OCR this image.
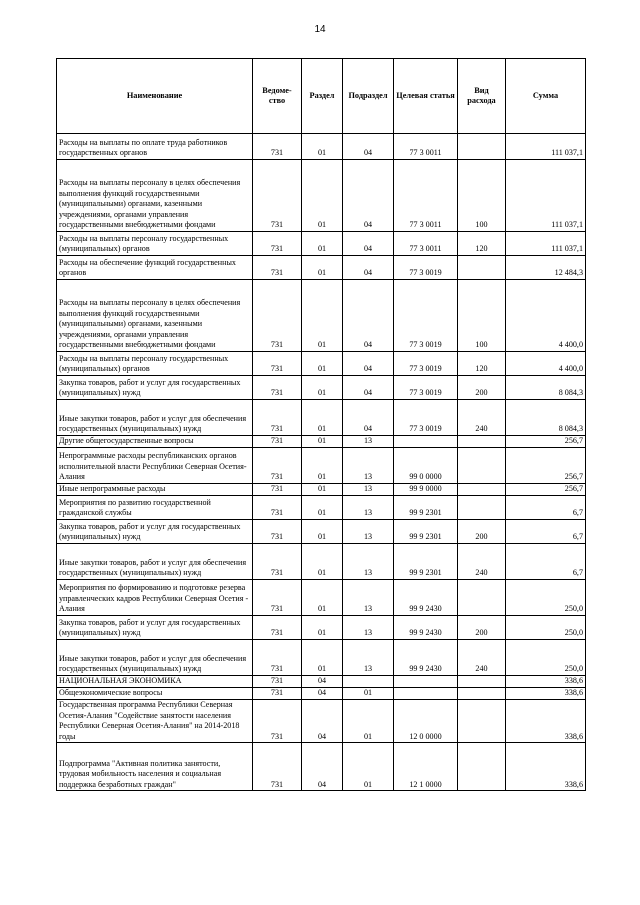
14
Наименование	Ведоме-ство	Раздел	Подраздел	Целевая статья	Вид расхода	Сумма
Расходы на выплаты по оплате труда работников государственных органов	731	01	04	77 3 0011		111 037,1
Расходы на выплаты персоналу в целях обеспечения выполнения функций государственными (муниципальными) органами, казенными учреждениями, органами управления государственными внебюджетными фондами	731	01	04	77 3 0011	100	111 037,1
Расходы на выплаты персоналу государственных (муниципальных) органов	731	01	04	77 3 0011	120	111 037,1
Расходы на обеспечение функций государственных органов	731	01	04	77 3 0019		12 484,3
Расходы на выплаты персоналу в целях обеспечения выполнения функций государственными (муниципальными) органами, казенными учреждениями, органами управления государственными внебюджетными фондами	731	01	04	77 3 0019	100	4 400,0
Расходы на выплаты персоналу государственных (муниципальных) органов	731	01	04	77 3 0019	120	4 400,0
Закупка товаров, работ и услуг для государственных (муниципальных) нужд	731	01	04	77 3 0019	200	8 084,3
Иные закупки товаров, работ и услуг для обеспечения государственных (муниципальных) нужд	731	01	04	77 3 0019	240	8 084,3
Другие общегосударственные вопросы	731	01	13			256,7
Непрограммные расходы республиканских органов исполнительной власти Республики Северная Осетия-Алания	731	01	13	99 0 0000		256,7
Иные непрограммные расходы	731	01	13	99 9 0000		256,7
Мероприятия по развитию государственной гражданской службы	731	01	13	99 9 2301		6,7
Закупка товаров, работ и услуг для государственных (муниципальных) нужд	731	01	13	99 9 2301	200	6,7
Иные закупки товаров, работ и услуг для обеспечения государственных (муниципальных) нужд	731	01	13	99 9 2301	240	6,7
Мероприятия по формированию и подготовке резерва управленческих кадров Республики Северная Осетия - Алания	731	01	13	99 9 2430		250,0
Закупка товаров, работ и услуг для государственных (муниципальных) нужд	731	01	13	99 9 2430	200	250,0
Иные закупки товаров, работ и услуг для обеспечения государственных (муниципальных) нужд	731	01	13	99 9 2430	240	250,0
НАЦИОНАЛЬНАЯ ЭКОНОМИКА	731	04				338,6
Общеэкономические вопросы	731	04	01			338,6
Государственная программа Республики Северная Осетия-Алания "Содействие занятости населения Республики Северная Осетия-Алания" на 2014-2018 годы	731	04	01	12 0 0000		338,6
Подпрограмма "Активная политика занятости, трудовая мобильность населения и социальная поддержка безработных граждан"	731	04	01	12 1 0000		338,6
